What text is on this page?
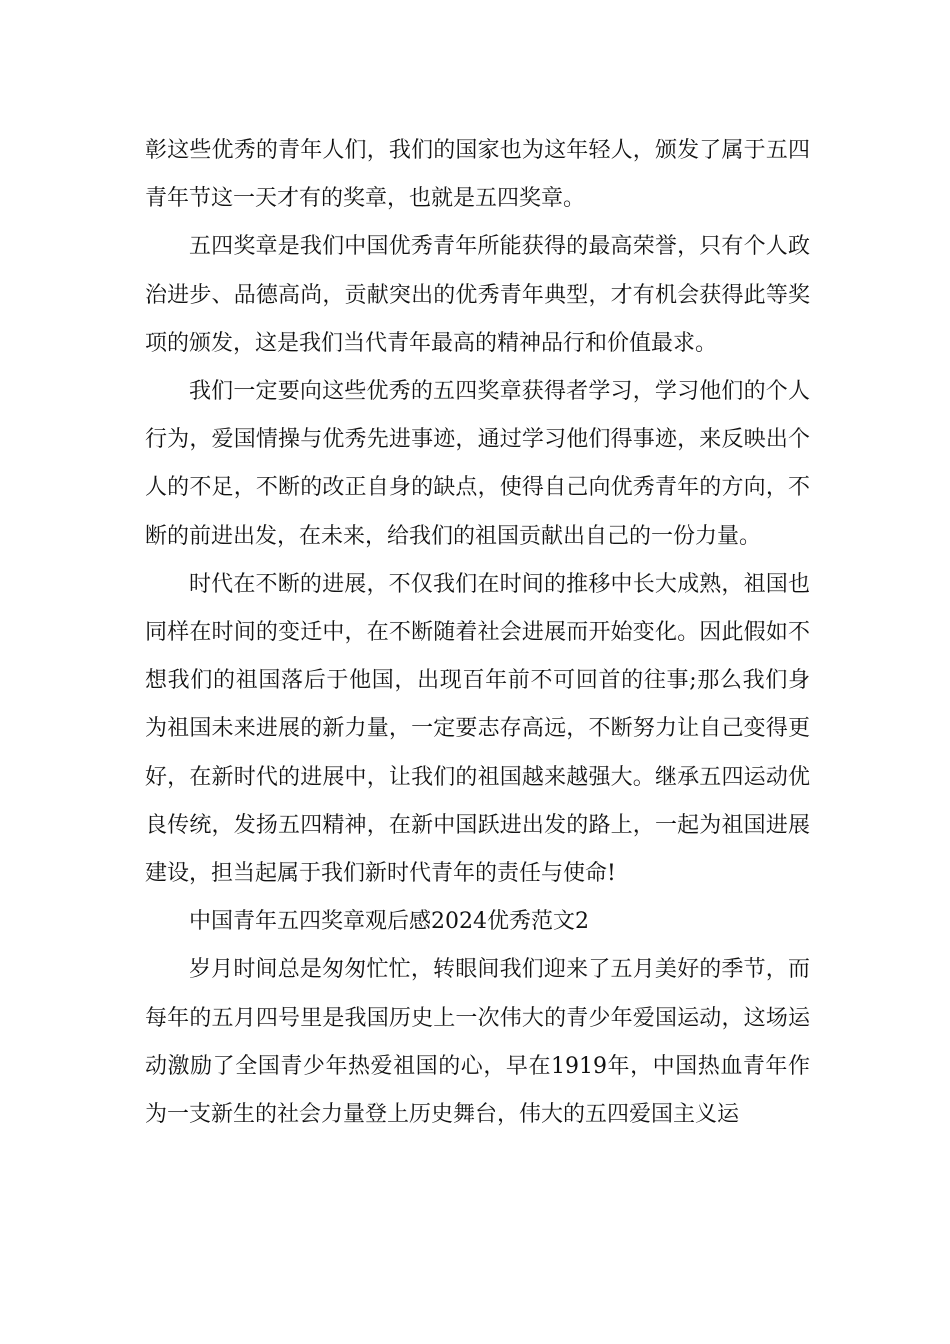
彰这些优秀的青年人们，我们的国家也为这年轻人，颁发了属于五四青年节这一天才有的奖章，也就是五四奖章。

五四奖章是我们中国优秀青年所能获得的最高荣誉，只有个人政治进步、品德高尚，贡献突出的优秀青年典型，才有机会获得此等奖项的颁发，这是我们当代青年最高的精神品行和价值最求。

我们一定要向这些优秀的五四奖章获得者学习，学习他们的个人行为，爱国情操与优秀先进事迹，通过学习他们得事迹，来反映出个人的不足，不断的改正自身的缺点，使得自己向优秀青年的方向，不断的前进出发，在未来，给我们的祖国贡献出自己的一份力量。

时代在不断的进展，不仅我们在时间的推移中长大成熟，祖国也同样在时间的变迁中，在不断随着社会进展而开始变化。因此假如不想我们的祖国落后于他国，出现百年前不可回首的往事;那么我们身为祖国未来进展的新力量，一定要志存高远，不断努力让自己变得更好，在新时代的进展中，让我们的祖国越来越强大。继承五四运动优良传统，发扬五四精神，在新中国跃进出发的路上，一起为祖国进展建设，担当起属于我们新时代青年的责任与使命!

中国青年五四奖章观后感2024优秀范文2

岁月时间总是匆匆忙忙，转眼间我们迎来了五月美好的季节，而每年的五月四号里是我国历史上一次伟大的青少年爱国运动，这场运动激励了全国青少年热爱祖国的心，早在1919年，中国热血青年作为一支新生的社会力量登上历史舞台，伟大的五四爱国主义运
